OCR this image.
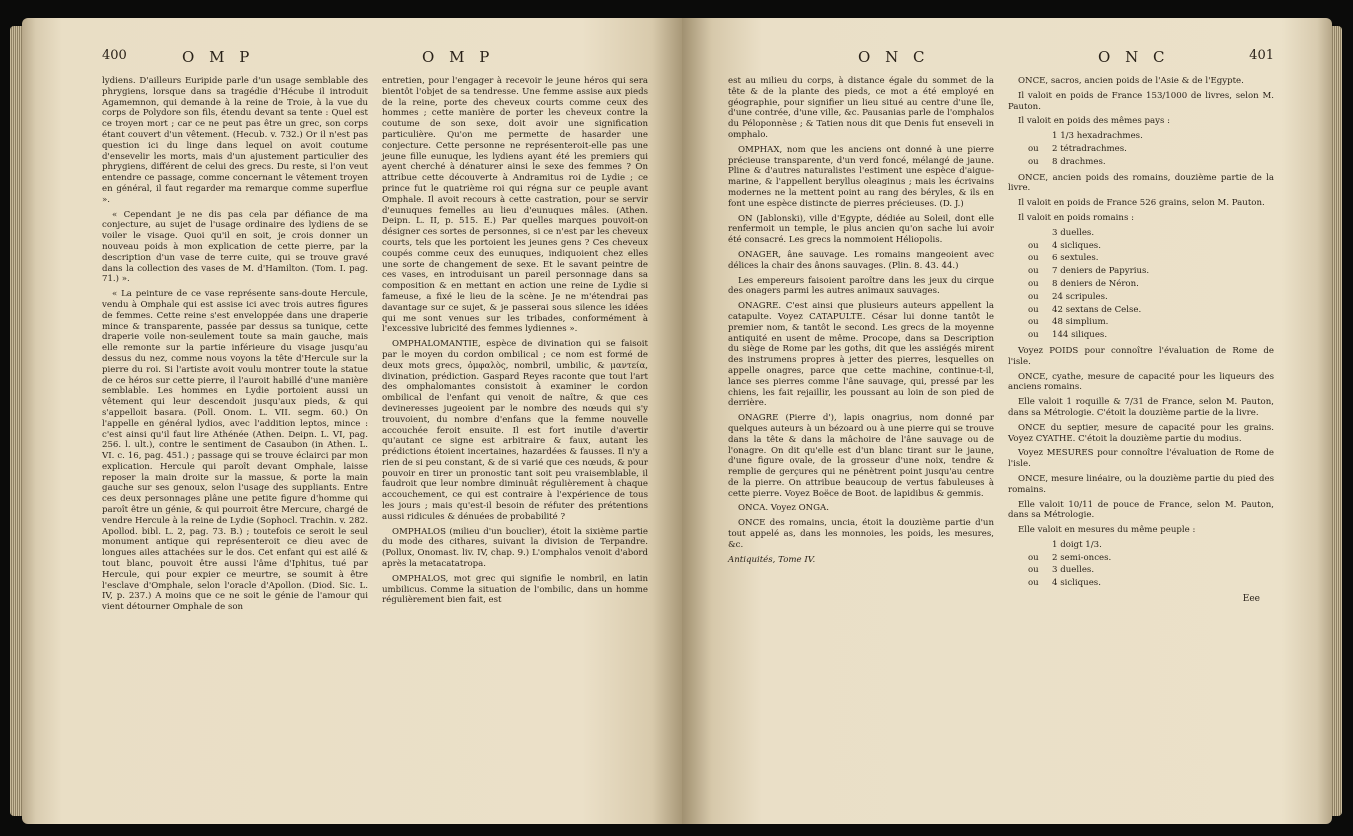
400	O M P	O M P

lydiens. D'ailleurs Euripide parle d'un usage semblable des phrygiens, lorsque dans sa tragédie d'Hécube il introduit Agamemnon, qui demande à la reine de Troie, à la vue du corps de Polydore son fils, étendu devant sa tente : Quel est ce troyen mort ; car ce ne peut pas être un grec, son corps étant couvert d'un vêtement. (Hecub. v. 732.) Or il n'est pas question ici du linge dans lequel on avoit coutume d'ensevelir les morts, mais d'un ajustement particulier des phrygiens, différent de celui des grecs. Du reste, si l'on veut entendre ce passage, comme concernant le vêtement troyen en général, il faut regarder ma remarque comme superflue ».

« Cependant je ne dis pas cela par défiance de ma conjecture, au sujet de l'usage ordinaire des lydiens de se voiler le visage. Quoi qu'il en soit, je crois donner un nouveau poids à mon explication de cette pierre, par la description d'un vase de terre cuite, qui se trouve gravé dans la collection des vases de M. d'Hamilton. (Tom. I. pag. 71.) ».

« La peinture de ce vase représente sans-doute Hercule, vendu à Omphale qui est assise ici avec trois autres figures de femmes. Cette reine s'est enveloppée dans une draperie mince & transparente, passée par dessus sa tunique, cette draperie voile non-seulement toute sa main gauche, mais elle remonte sur la partie inférieure du visage jusqu'au dessus du nez, comme nous voyons la tête d'Hercule sur la pierre du roi. Si l'artiste avoit voulu montrer toute la statue de ce héros sur cette pierre, il l'auroit habillé d'une manière semblable. Les hommes en Lydie portoient aussi un vêtement qui leur descendoit jusqu'aux pieds, & qui s'appelloit basara. (Poll. Onom. L. VII. segm. 60.) On l'appelle en général lydios, avec l'addition leptos, mince : c'est ainsi qu'il faut lire Athénée (Athen. Deipn. L. VI, pag. 256. l. ult.), contre le sentiment de Casaubon (in Athen. L. VI. c. 16, pag. 451.) ; passage qui se trouve éclairci par mon explication. Hercule qui paroît devant Omphale, laisse reposer la main droite sur la massue, & porte la main gauche sur ses genoux, selon l'usage des suppliants. Entre ces deux personnages plâne une petite figure d'homme qui paroît être un génie, & qui pourroit être Mercure, chargé de vendre Hercule à la reine de Lydie (Sophocl. Trachin. v. 282. Apollod. bibl. L. 2, pag. 73. B.) ; toutefois ce seroit le seul monument antique qui représenteroit ce dieu avec de longues ailes attachées sur le dos. Cet enfant qui est ailé & tout blanc, pouvoit être aussi l'âme d'Iphitus, tué par Hercule, qui pour expier ce meurtre, se soumit à être l'esclave d'Omphale, selon l'oracle d'Apollon. (Diod. Sic. L. IV, p. 237.) A moins que ce ne soit le génie de l'amour qui vient détourner Omphale de son

entretien, pour l'engager à recevoir le jeune héros qui sera bientôt l'objet de sa tendresse. Une femme assise aux pieds de la reine, porte des cheveux courts comme ceux des hommes ; cette manière de porter les cheveux contre la coutume de son sexe, doit avoir une signification particulière. Qu'on me permette de hasarder une conjecture. Cette personne ne représenteroit-elle pas une jeune fille eunuque, les lydiens ayant été les premiers qui ayent cherché à dénaturer ainsi le sexe des femmes ? On attribue cette découverte à Andramitus roi de Lydie ; ce prince fut le quatrième roi qui régna sur ce peuple avant Omphale. Il avoit recours à cette castration, pour se servir d'eunuques femelles au lieu d'eunuques mâles. (Athen. Deipn. L. II, p. 515. E.) Par quelles marques pouvoit-on désigner ces sortes de personnes, si ce n'est par les cheveux courts, tels que les portoient les jeunes gens ? Ces cheveux coupés comme ceux des eunuques, indiquoient chez elles une sorte de changement de sexe. Et le savant peintre de ces vases, en introduisant un pareil personnage dans sa composition & en mettant en action une reine de Lydie si fameuse, a fixé le lieu de la scène. Je ne m'étendrai pas davantage sur ce sujet, & je passerai sous silence les idées qui me sont venues sur les tribades, conformément à l'excessive lubricité des femmes lydiennes ».

OMPHALOMANTIE, espèce de divination qui se faisoit par le moyen du cordon ombilical ; ce nom est formé de deux mots grecs, ὀμφαλὸς, nombril, umbilic, & μαντεία, divination, prédiction. Gaspard Reyes raconte que tout l'art des omphalomantes consistoit à examiner le cordon ombilical de l'enfant qui venoit de naître, & que ces devineresses jugeoient par le nombre des nœuds qui s'y trouvoient, du nombre d'enfans que la femme nouvelle accouchée feroit ensuite. Il est fort inutile d'avertir qu'autant ce signe est arbitraire & faux, autant les prédictions étoient incertaines, hazardées & fausses. Il n'y a rien de si peu constant, & de si varié que ces nœuds, & pour pouvoir en tirer un pronostic tant soit peu vraisemblable, il faudroit que leur nombre diminuât régulièrement à chaque accouchement, ce qui est contraire à l'expérience de tous les jours ; mais qu'est-il besoin de réfuter des prétentions aussi ridicules & dénuées de probabilité ?

OMPHALOS (milieu d'un bouclier), étoit la sixième partie du mode des cithares, suivant la division de Terpandre. (Pollux, Onomast. liv. IV, chap. 9.) L'omphalos venoit d'abord après la metacatatropa.

OMPHALOS, mot grec qui signifie le nombril, en latin umbilicus. Comme la situation de l'ombilic, dans un homme régulièrement bien fait, est

O N C	O N C	401

est au milieu du corps, à distance égale du sommet de la tête & de la plante des pieds, ce mot a été employé en géographie, pour signifier un lieu situé au centre d'une île, d'une contrée, d'une ville, &c. Pausanias parle de l'omphalos du Péloponnèse ; & Tatien nous dit que Denis fut enseveli in omphalo.

OMPHAX, nom que les anciens ont donné à une pierre précieuse transparente, d'un verd foncé, mélangé de jaune. Pline & d'autres naturalistes l'estiment une espèce d'aigue-marine, & l'appellent beryllus oleaginus ; mais les écrivains modernes ne la mettent point au rang des béryles, & ils en font une espèce distincte de pierres précieuses. (D. J.)

ON (Jablonski), ville d'Egypte, dédiée au Soleil, dont elle renfermoit un temple, le plus ancien qu'on sache lui avoir été consacré. Les grecs la nommoient Héliopolis.

ONAGER, âne sauvage. Les romains mangeoient avec délices la chair des ânons sauvages. (Plin. 8. 43. 44.)

Les empereurs faisoient paroître dans les jeux du cirque des onagers parmi les autres animaux sauvages.

ONAGRE. C'est ainsi que plusieurs auteurs appellent la catapulte. Voyez CATAPULTE. César lui donne tantôt le premier nom, & tantôt le second. Les grecs de la moyenne antiquité en usent de même. Procope, dans sa Description du siège de Rome par les goths, dit que les assiégés mirent des instrumens propres à jetter des pierres, lesquelles on appelle onagres, parce que cette machine, continue-t-il, lance ses pierres comme l'âne sauvage, qui, pressé par les chiens, les fait rejaillir, les poussant au loin de son pied de derrière.

ONAGRE (Pierre d'), lapis onagrius, nom donné par quelques auteurs à un bézoard ou à une pierre qui se trouve dans la tête & dans la mâchoire de l'âne sauvage ou de l'onagre. On dit qu'elle est d'un blanc tirant sur le jaune, d'une figure ovale, de la grosseur d'une noix, tendre & remplie de gerçures qui ne pénètrent point jusqu'au centre de la pierre. On attribue beaucoup de vertus fabuleuses à cette pierre. Voyez Boëce de Boot. de lapidibus & gemmis.

ONCA. Voyez ONGA.

ONCE des romains, uncia, étoit la douzième partie d'un tout appelé as, dans les monnoies, les poids, les mesures, &c.

Antiquités, Tome IV.

ONCE, sacros, ancien poids de l'Asie & de l'Egypte.

Il valoit en poids de France 153/1000 de livres, selon M. Pauton.

Il valoit en poids des mêmes pays :

1 1/3 hexadrachmes.
ou	2 tétradrachmes.
ou	8 drachmes.

ONCE, ancien poids des romains, douzième partie de la livre.

Il valoit en poids de France 526 grains, selon M. Pauton.

Il valoit en poids romains :

3 duelles.
ou	4 sicliques.
ou	6 sextules.
ou	7 deniers de Papyrius.
ou	8 deniers de Néron.
ou	24 scripules.
ou	42 sextans de Celse.
ou	48 simplium.
ou	144 siliques.

Voyez POIDS pour connoître l'évaluation de Rome de l'isle.

ONCE, cyathe, mesure de capacité pour les liqueurs des anciens romains.

Elle valoit 1 roquille & 7/31 de France, selon M. Pauton, dans sa Métrologie. C'étoit la douzième partie de la livre.

ONCE du septier, mesure de capacité pour les grains. Voyez CYATHE. C'étoit la douzième partie du modius.

Voyez MESURES pour connoître l'évaluation de Rome de l'isle.

ONCE, mesure linéaire, ou la douzième partie du pied des romains.

Elle valoit 10/11 de pouce de France, selon M. Pauton, dans sa Métrologie.

Elle valoit en mesures du même peuple :

1 doigt 1/3.
ou	2 semi-onces.
ou	3 duelles.
ou	4 sicliques.
Eee
